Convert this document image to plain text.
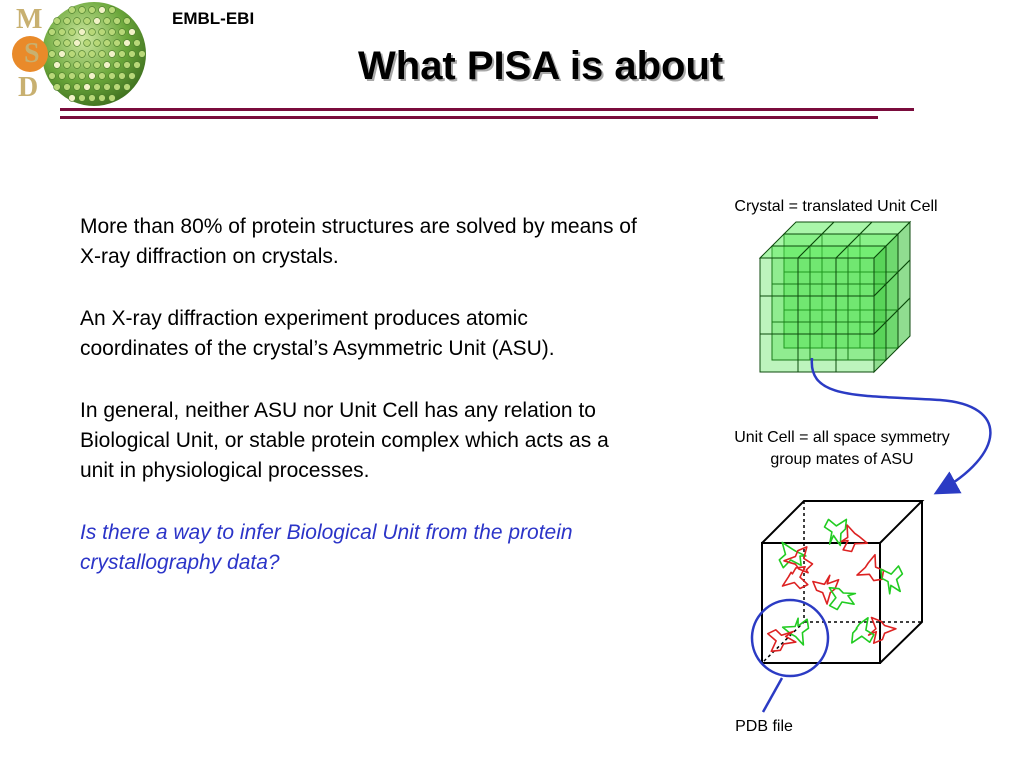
M
S
D
EMBL-EBI
What PISA is about

More than 80% of protein structures are solved by means of X-ray diffraction on crystals.

An X-ray diffraction experiment produces atomic coordinates of the crystal’s Asymmetric Unit (ASU).

In general, neither ASU nor Unit Cell has any relation to Biological Unit, or stable protein complex which acts as a unit in physiological processes.

Is there a way to infer Biological Unit from the protein crystallography data?

Crystal = translated Unit Cell
Unit Cell = all space symmetry
group mates of ASU
PDB file
